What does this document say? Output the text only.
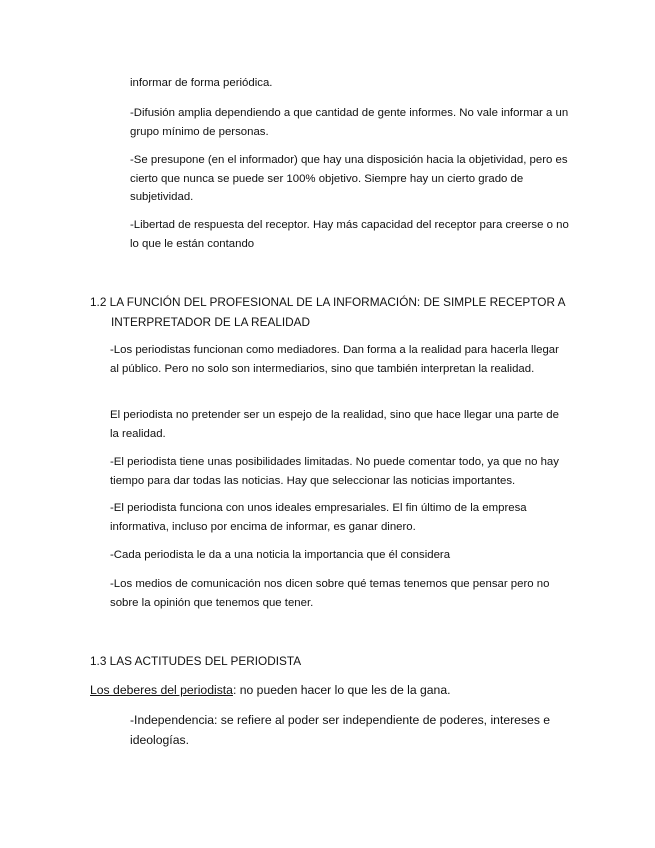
informar de forma periódica.

-Difusión amplia dependiendo a que cantidad de gente informes. No vale informar a un grupo mínimo de personas.

-Se presupone (en el informador) que hay una disposición hacia la objetividad, pero es cierto que nunca se puede ser 100% objetivo. Siempre hay un cierto grado de subjetividad.

-Libertad de respuesta del receptor. Hay más capacidad del receptor para creerse o no lo que le están contando

1.2 LA FUNCIÓN DEL PROFESIONAL DE LA INFORMACIÓN: DE SIMPLE RECEPTOR A
INTERPRETADOR DE LA REALIDAD

-Los periodistas funcionan como mediadores. Dan forma a la realidad para hacerla llegar al público. Pero no solo son intermediarios, sino que también interpretan la realidad.

El periodista no pretender ser un espejo de la realidad, sino que hace llegar una parte de la realidad.

-El periodista tiene unas posibilidades limitadas. No puede comentar todo, ya que no hay tiempo para dar todas las noticias. Hay que seleccionar las noticias importantes.

-El periodista funciona con unos ideales empresariales. El fin último de la empresa informativa, incluso por encima de informar, es ganar dinero.

-Cada periodista le da a una noticia la importancia que él considera

-Los medios de comunicación nos dicen sobre qué temas tenemos que pensar pero no sobre la opinión que tenemos que tener.

1.3 LAS ACTITUDES DEL PERIODISTA

Los deberes del periodista: no pueden hacer lo que les de la gana.

-Independencia: se refiere al poder ser independiente de poderes, intereses e ideologías.
